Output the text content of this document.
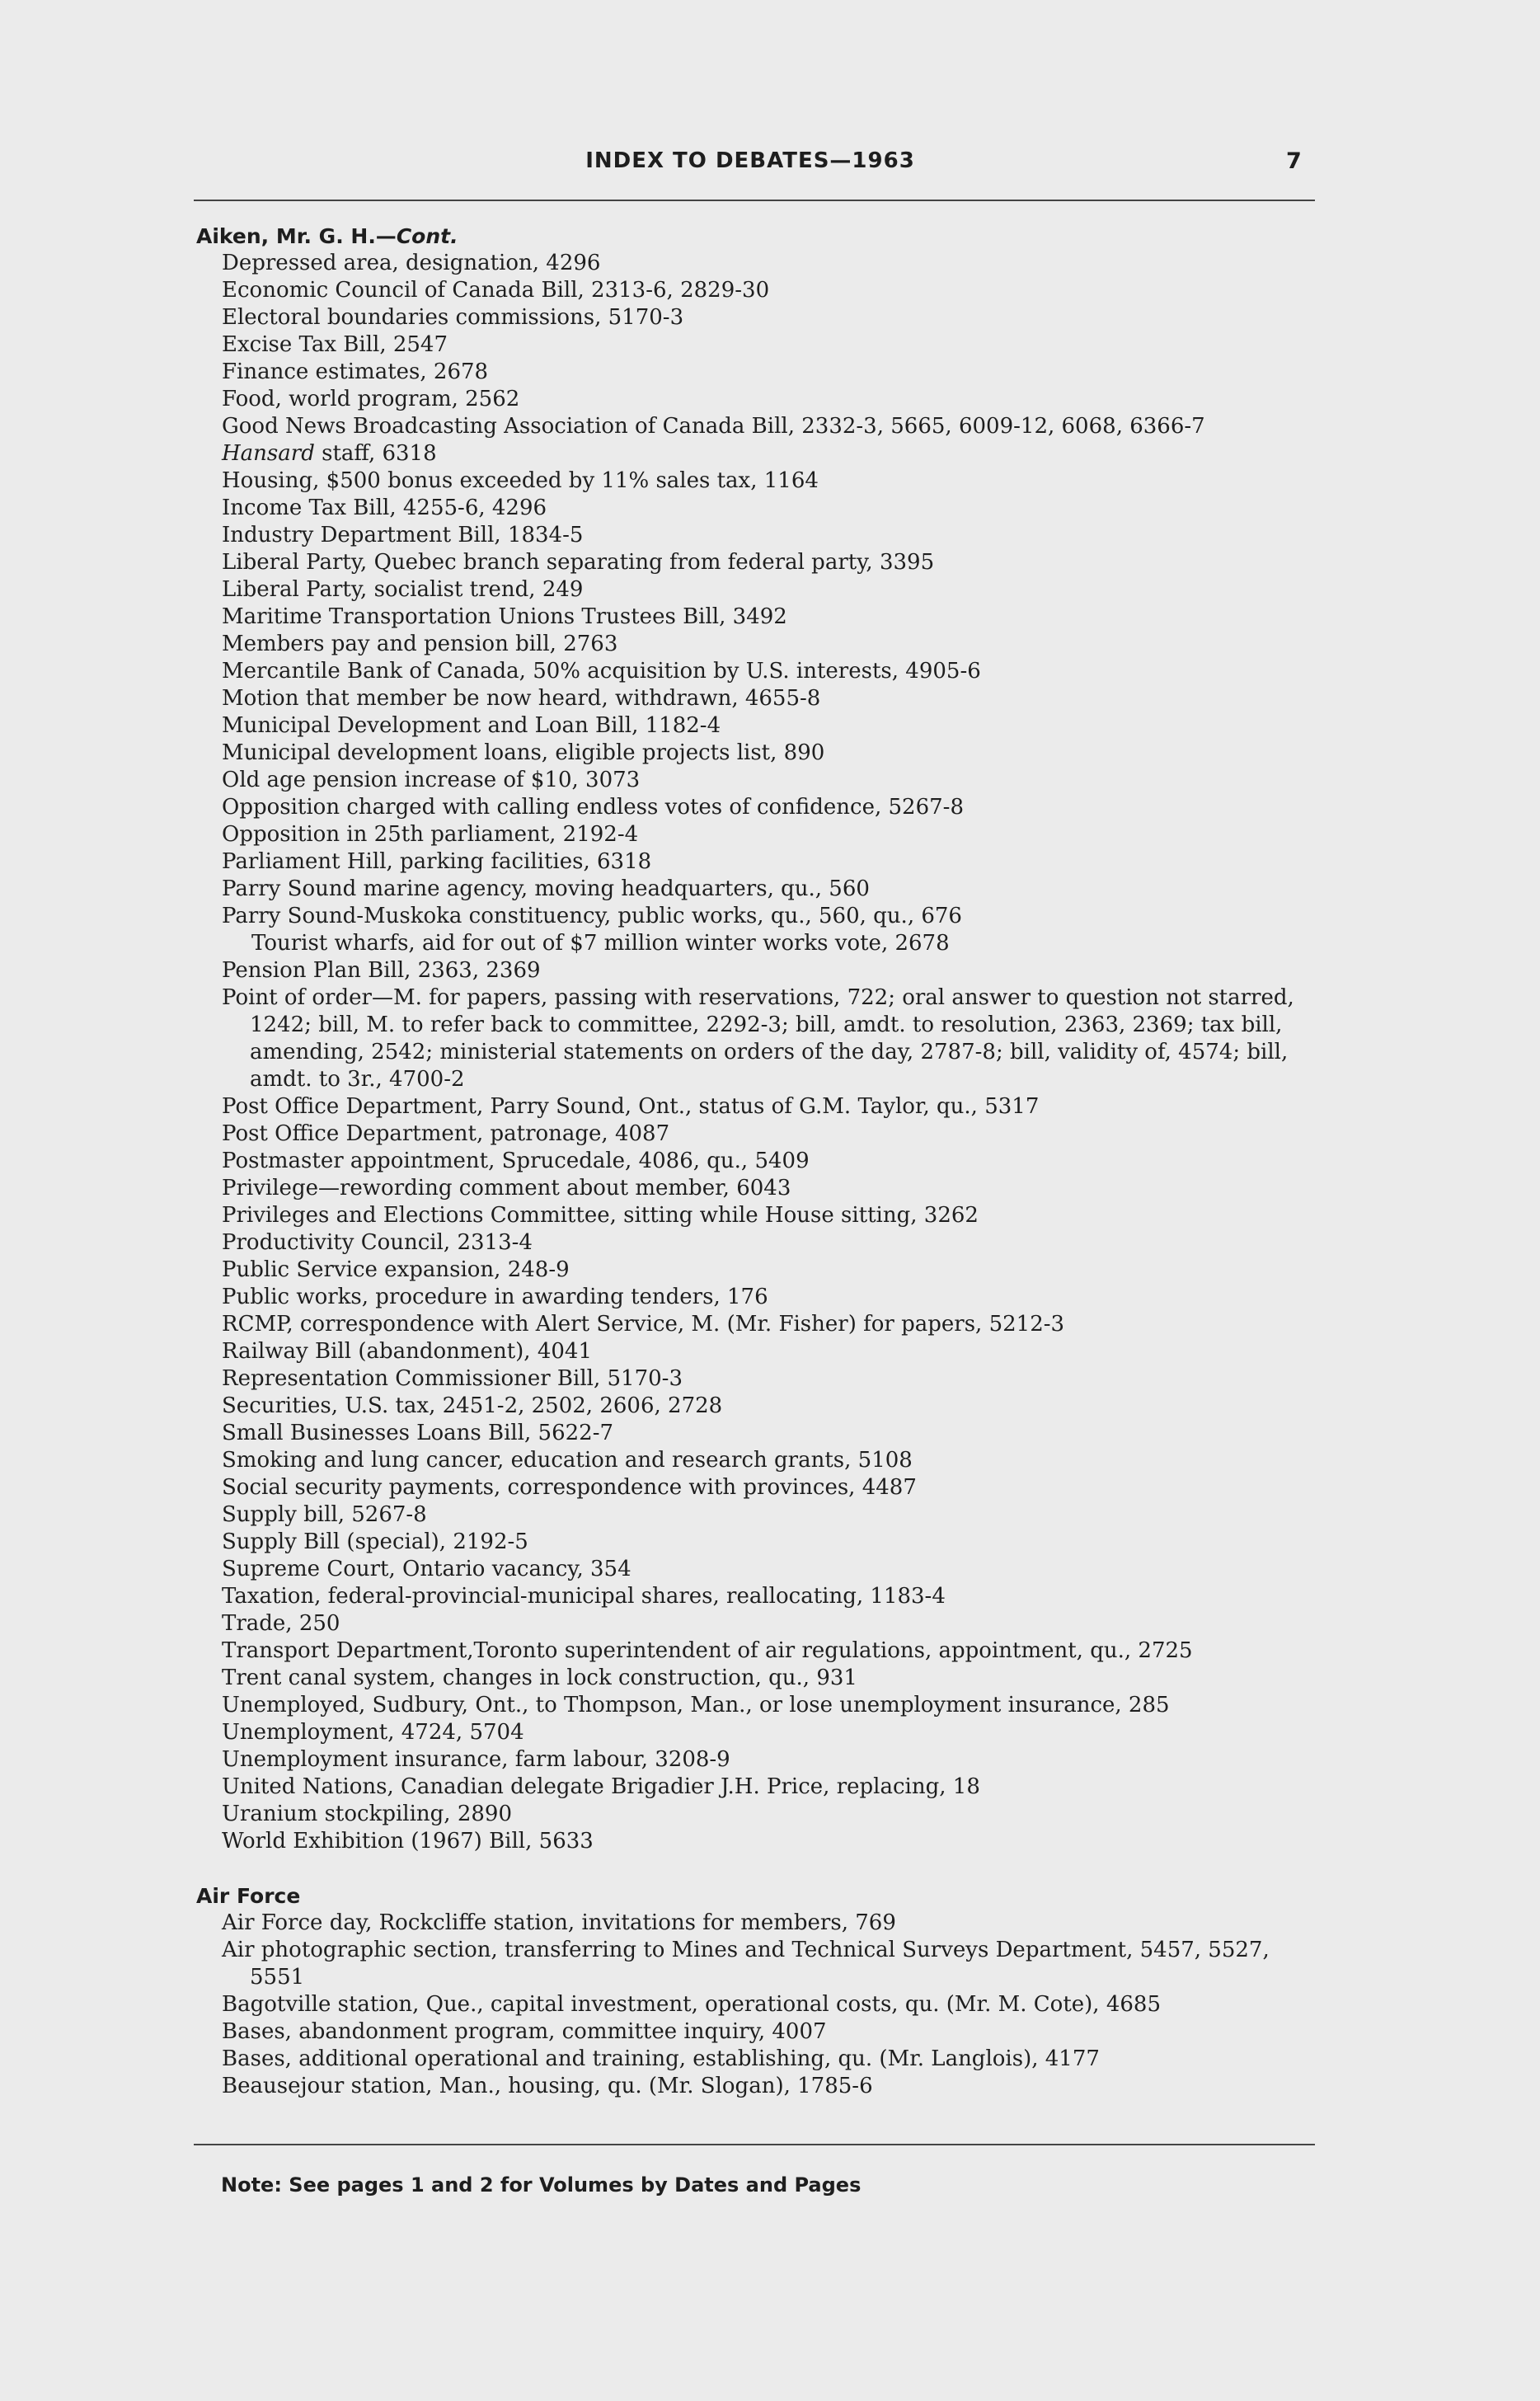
INDEX TO DEBATES—1963	7
Aiken, Mr. G. H.—Cont.
Depressed area, designation, 4296
Economic Council of Canada Bill, 2313-6, 2829-30
Electoral boundaries commissions, 5170-3
Excise Tax Bill, 2547
Finance estimates, 2678
Food, world program, 2562
Good News Broadcasting Association of Canada Bill, 2332-3, 5665, 6009-12, 6068, 6366-7
Hansard staff, 6318
Housing, $500 bonus exceeded by 11% sales tax, 1164
Income Tax Bill, 4255-6, 4296
Industry Department Bill, 1834-5
Liberal Party, Quebec branch separating from federal party, 3395
Liberal Party, socialist trend, 249
Maritime Transportation Unions Trustees Bill, 3492
Members pay and pension bill, 2763
Mercantile Bank of Canada, 50% acquisition by U.S. interests, 4905-6
Motion that member be now heard, withdrawn, 4655-8
Municipal Development and Loan Bill, 1182-4
Municipal development loans, eligible projects list, 890
Old age pension increase of $10, 3073
Opposition charged with calling endless votes of confidence, 5267-8
Opposition in 25th parliament, 2192-4
Parliament Hill, parking facilities, 6318
Parry Sound marine agency, moving headquarters, qu., 560
Parry Sound-Muskoka constituency, public works, qu., 560, qu., 676
Tourist wharfs, aid for out of $7 million winter works vote, 2678
Pension Plan Bill, 2363, 2369
Point of order—M. for papers, passing with reservations, 722; oral answer to question not starred, 1242; bill, M. to refer back to committee, 2292-3; bill, amdt. to resolution, 2363, 2369; tax bill, amending, 2542; ministerial statements on orders of the day, 2787-8; bill, validity of, 4574; bill, amdt. to 3r., 4700-2
Post Office Department, Parry Sound, Ont., status of G.M. Taylor, qu., 5317
Post Office Department, patronage, 4087
Postmaster appointment, Sprucedale, 4086, qu., 5409
Privilege—rewording comment about member, 6043
Privileges and Elections Committee, sitting while House sitting, 3262
Productivity Council, 2313-4
Public Service expansion, 248-9
Public works, procedure in awarding tenders, 176
RCMP, correspondence with Alert Service, M. (Mr. Fisher) for papers, 5212-3
Railway Bill (abandonment), 4041
Representation Commissioner Bill, 5170-3
Securities, U.S. tax, 2451-2, 2502, 2606, 2728
Small Businesses Loans Bill, 5622-7
Smoking and lung cancer, education and research grants, 5108
Social security payments, correspondence with provinces, 4487
Supply bill, 5267-8
Supply Bill (special), 2192-5
Supreme Court, Ontario vacancy, 354
Taxation, federal-provincial-municipal shares, reallocating, 1183-4
Trade, 250
Transport Department,Toronto superintendent of air regulations, appointment, qu., 2725
Trent canal system, changes in lock construction, qu., 931
Unemployed, Sudbury, Ont., to Thompson, Man., or lose unemployment insurance, 285
Unemployment, 4724, 5704
Unemployment insurance, farm labour, 3208-9
United Nations, Canadian delegate Brigadier J.H. Price, replacing, 18
Uranium stockpiling, 2890
World Exhibition (1967) Bill, 5633
Air Force
Air Force day, Rockcliffe station, invitations for members, 769
Air photographic section, transferring to Mines and Technical Surveys Department, 5457, 5527, 5551
Bagotville station, Que., capital investment, operational costs, qu. (Mr. M. Cote), 4685
Bases, abandonment program, committee inquiry, 4007
Bases, additional operational and training, establishing, qu. (Mr. Langlois), 4177
Beausejour station, Man., housing, qu. (Mr. Slogan), 1785-6
Note: See pages 1 and 2 for Volumes by Dates and Pages
